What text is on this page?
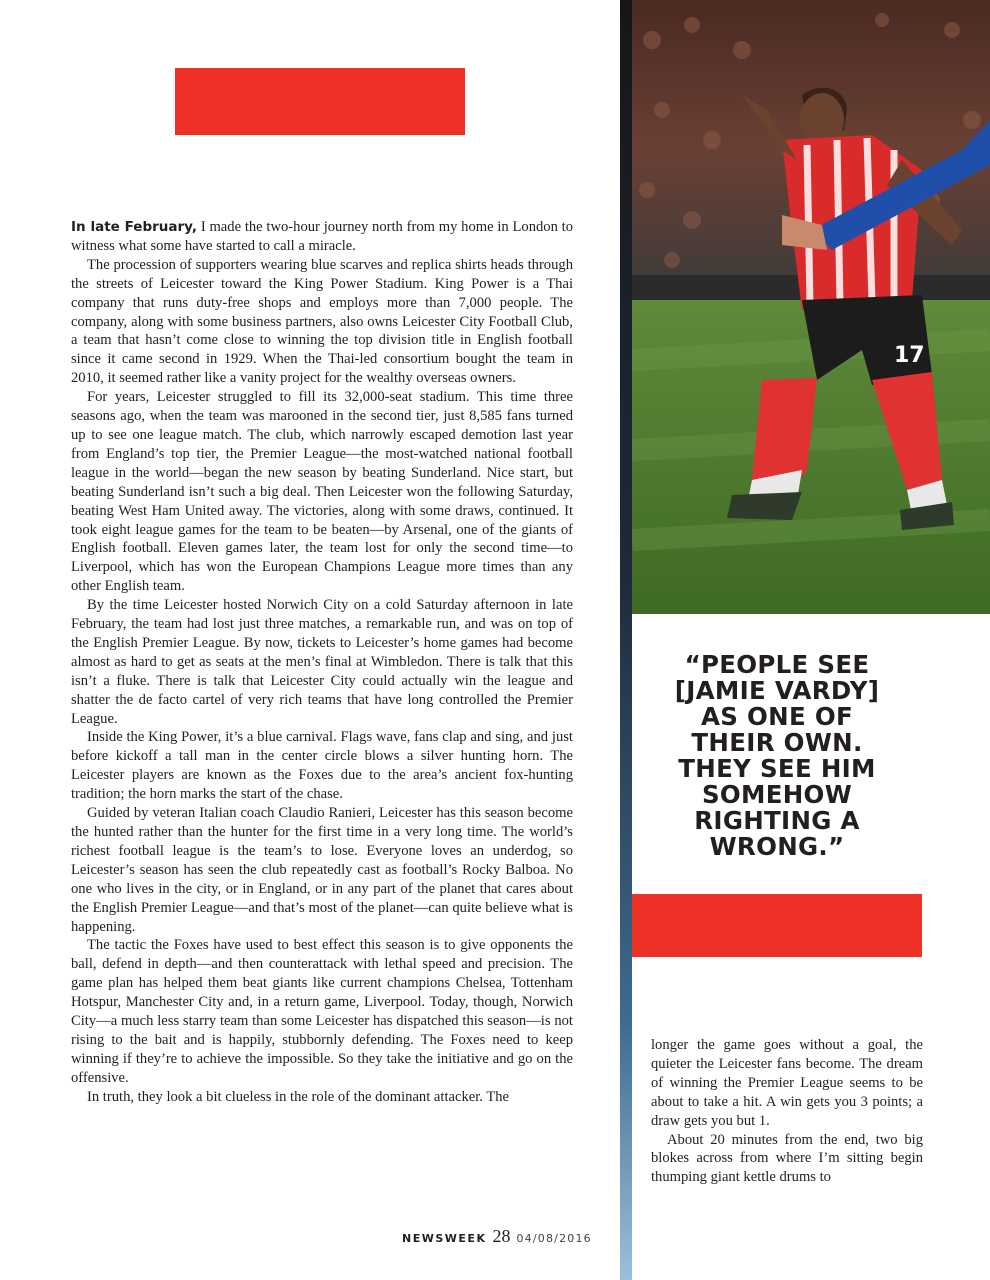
In late February, I made the two-hour journey north from my home in London to witness what some have started to call a miracle.

The procession of supporters wearing blue scarves and replica shirts heads through the streets of Leicester toward the King Power Stadium. King Power is a Thai company that runs duty-free shops and employs more than 7,000 people. The company, along with some business partners, also owns Leicester City Football Club, a team that hasn’t come close to winning the top division title in English football since it came second in 1929. When the Thai-led consortium bought the team in 2010, it seemed rather like a vanity project for the wealthy overseas owners.

For years, Leicester struggled to fill its 32,000-seat stadium. This time three seasons ago, when the team was marooned in the second tier, just 8,585 fans turned up to see one league match. The club, which narrowly escaped demotion last year from England’s top tier, the Premier League—the most-watched national football league in the world—began the new season by beating Sunderland. Nice start, but beating Sunderland isn’t such a big deal. Then Leicester won the following Saturday, beating West Ham United away. The victories, along with some draws, continued. It took eight league games for the team to be beaten—by Arsenal, one of the giants of English football. Eleven games later, the team lost for only the second time—to Liverpool, which has won the European Champions League more times than any other English team.

By the time Leicester hosted Norwich City on a cold Saturday afternoon in late February, the team had lost just three matches, a remarkable run, and was on top of the English Premier League. By now, tickets to Leicester’s home games had become almost as hard to get as seats at the men’s final at Wimbledon. There is talk that this isn’t a fluke. There is talk that Leicester City could actually win the league and shatter the de facto cartel of very rich teams that have long controlled the Premier League.

Inside the King Power, it’s a blue carnival. Flags wave, fans clap and sing, and just before kickoff a tall man in the center circle blows a silver hunting horn. The Leicester players are known as the Foxes due to the area’s ancient fox-hunting tradition; the horn marks the start of the chase.

Guided by veteran Italian coach Claudio Ranieri, Leicester has this season become the hunted rather than the hunter for the first time in a very long time. The world’s richest football league is the team’s to lose. Everyone loves an underdog, so Leicester’s season has seen the club repeatedly cast as football’s Rocky Balboa. No one who lives in the city, or in England, or in any part of the planet that cares about the English Premier League—and that’s most of the planet—can quite believe what is happening.

The tactic the Foxes have used to best effect this season is to give opponents the ball, defend in depth—and then counterattack with lethal speed and precision. The game plan has helped them beat giants like current champions Chelsea, Tottenham Hotspur, Manchester City and, in a return game, Liverpool. Today, though, Norwich City—a much less starry team than some Leicester has dispatched this season—is not rising to the bait and is happily, stubbornly defending. The Foxes need to keep winning if they’re to achieve the impossible. So they take the initiative and go on the offensive.

In truth, they look a bit clueless in the role of the dominant attacker. The

17
“PEOPLE SEE
[JAMIE VARDY]
AS ONE OF
THEIR OWN.
THEY SEE HIM
SOMEHOW
RIGHTING A
WRONG.”

longer the game goes without a goal, the quieter the Leicester fans become. The dream of winning the Premier League seems to be about to take a hit. A win gets you 3 points; a draw gets you but 1.

About 20 minutes from the end, two big blokes across from where I’m sitting begin thumping giant kettle drums to

NEWSWEEK 28 04/08/2016
